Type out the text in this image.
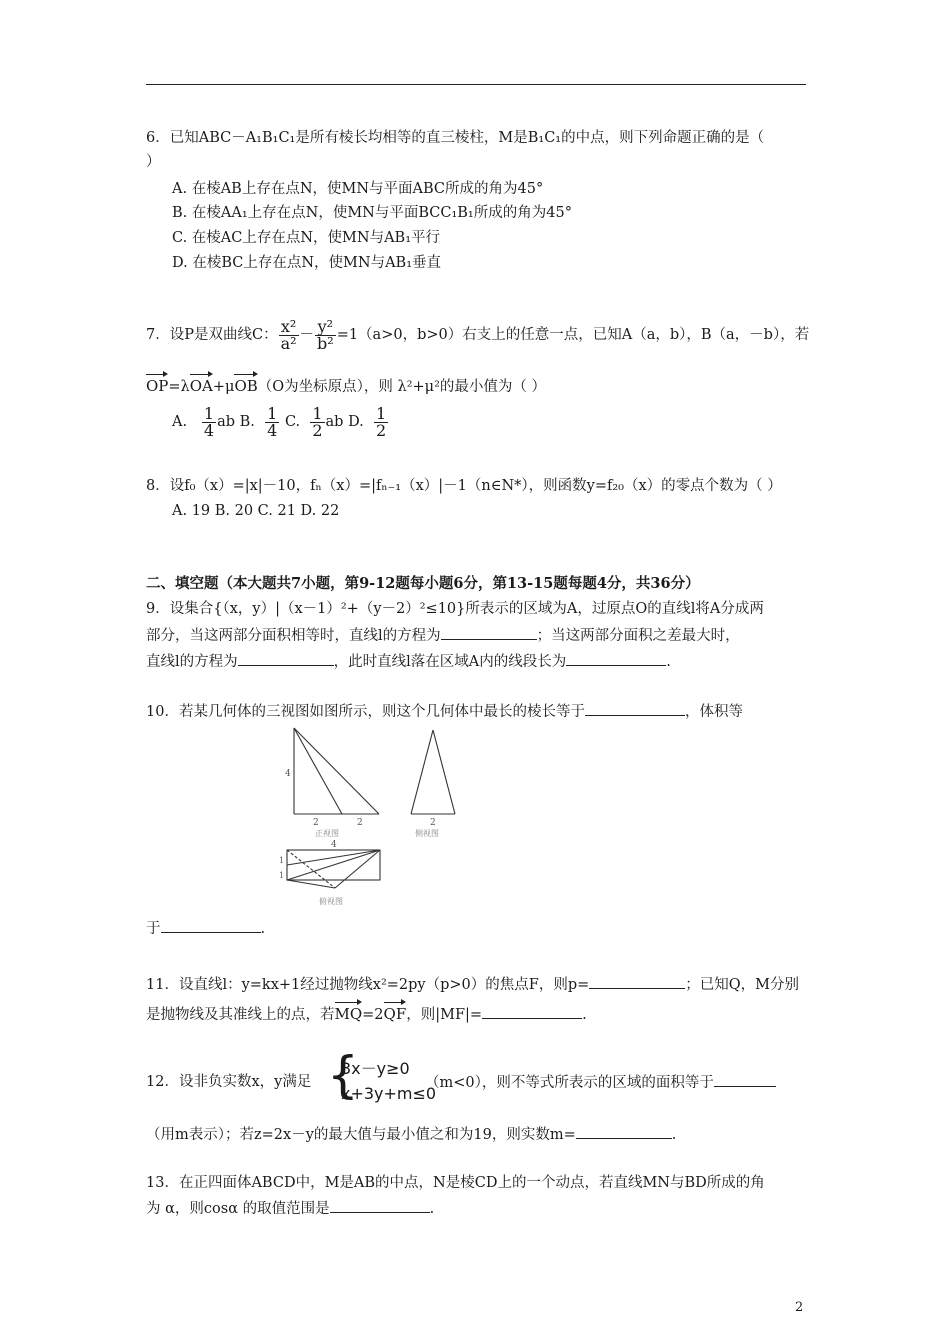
6．已知ABC－A₁B₁C₁是所有棱长均相等的直三棱柱，M是B₁C₁的中点，则下列命题正确的是（
）
A. 在棱AB上存在点N，使MN与平面ABC所成的角为45°
B. 在棱AA₁上存在点N，使MN与平面BCC₁B₁所成的角为45°
C. 在棱AC上存在点N，使MN与AB₁平行
D. 在棱BC上存在点N，使MN与AB₁垂直
7．设P是双曲线C： $\frac{\text{x²}}{\text{a²}} - \frac{\text{y²}}{\text{b²}} =1(a>0$，b>0）右支上的任意一点，已知A（a，b），B（a，－b），若
OP=λOA+μOB（O为坐标原点），则 λ²+μ²的最小值为（ ）
A. $\frac{1}{4}$ ab B. $\frac{1}{4} C$. $\frac{1}{2}$ ab D. $\frac{1}{2}$
8．设f₀（x）=|x|－10，fₙ（x）=|fₙ₋₁（x）|－1（n∈N*），则函数y=f₂₀（x）的零点个数为（ ）
A. 19 B. 20 C. 21 D. 22
二、填空题（本大题共7小题，第9-12题每小题6分，第13-15题每题4分，共36分）
9．设集合{（x，y）|（x－1）²+（y－2）²≤10}所表示的区域为A，过原点O的直线l将A分成两
部分，当这两部分面积相等时，直线l的方程为	；当这两部分面积之差最大时，
直线l的方程为	，此时直线l落在区域A内的线段长为	.
10．若某几何体的三视图如图所示，则这个几何体中最长的棱长等于	，体积等
4
2	2
正视图
2
侧视图
4
1
1
俯视图
于	.
11．设直线l：y=kx+1经过抛物线x²=2py（p>0）的焦点F，则p=	；已知Q，M分别
是抛物线及其准线上的点，若MQ=2QF，则|MF|=	.
12．设非负实数x，y满足 {
3x－y≥0
x+3y+m≤0
（m<0），则不等式所表示的区域的面积等于
（用m表示）；若z=2x－y的最大值与最小值之和为19，则实数m=	.
13．在正四面体ABCD中，M是AB的中点，N是棱CD上的一个动点，若直线MN与BD所成的角
为 α，则cosα 的取值范围是	.
2
